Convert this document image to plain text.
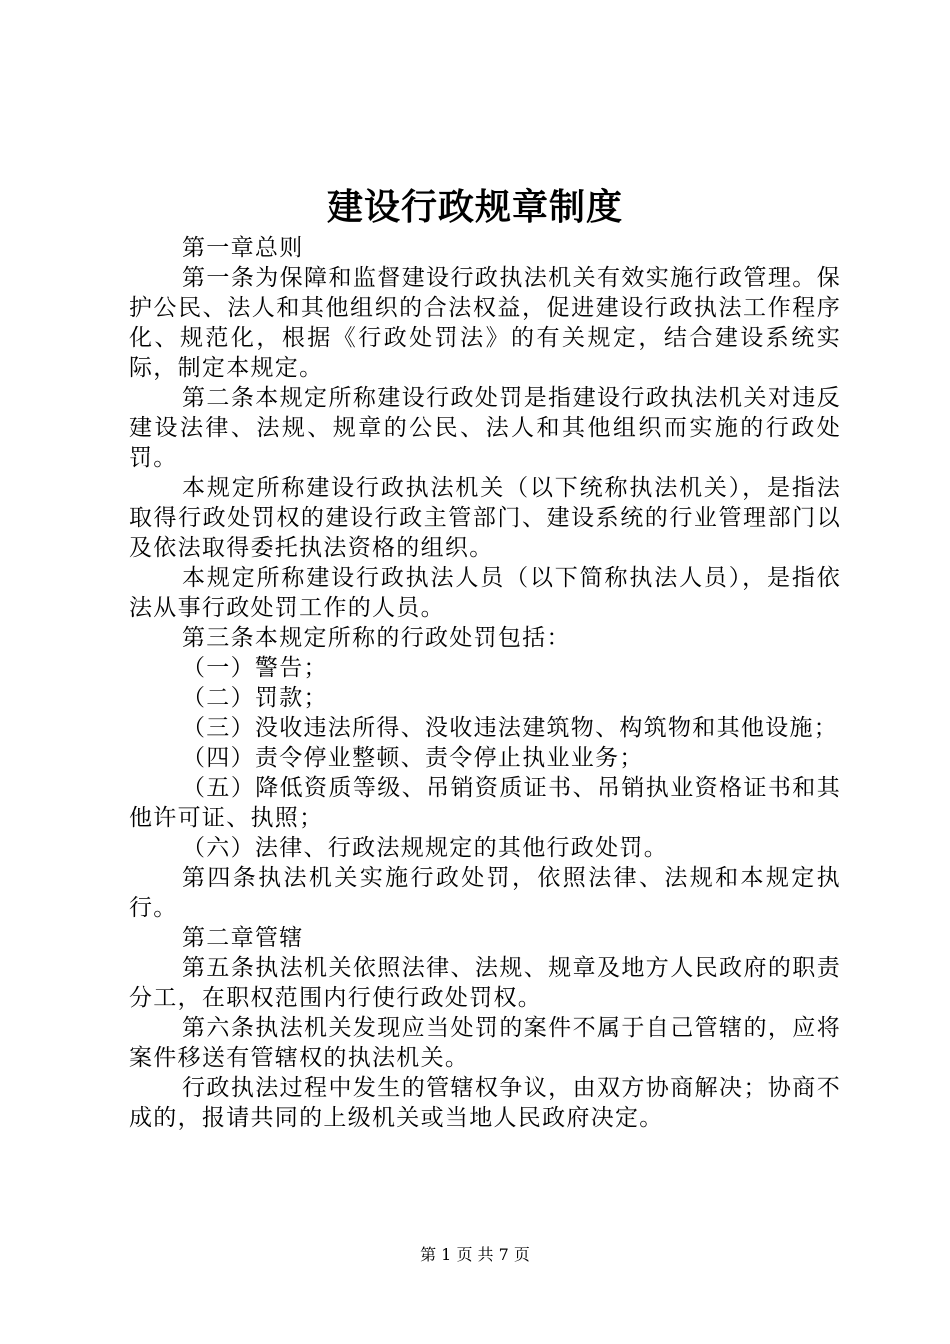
建设行政规章制度

第一章总则

第一条为保障和监督建设行政执法机关有效实施行政管理。保护公民、法人和其他组织的合法权益，促进建设行政执法工作程序化、规范化，根据《行政处罚法》的有关规定，结合建设系统实际，制定本规定。

第二条本规定所称建设行政处罚是指建设行政执法机关对违反建设法律、法规、规章的公民、法人和其他组织而实施的行政处罚。

本规定所称建设行政执法机关（以下统称执法机关），是指法取得行政处罚权的建设行政主管部门、建设系统的行业管理部门以及依法取得委托执法资格的组织。

本规定所称建设行政执法人员（以下简称执法人员），是指依法从事行政处罚工作的人员。

第三条本规定所称的行政处罚包括：

（一）警告；

（二）罚款；

（三）没收违法所得、没收违法建筑物、构筑物和其他设施；

（四）责令停业整顿、责令停止执业业务；

（五）降低资质等级、吊销资质证书、吊销执业资格证书和其他许可证、执照；

（六）法律、行政法规规定的其他行政处罚。

第四条执法机关实施行政处罚，依照法律、法规和本规定执行。

第二章管辖

第五条执法机关依照法律、法规、规章及地方人民政府的职责分工，在职权范围内行使行政处罚权。

第六条执法机关发现应当处罚的案件不属于自己管辖的，应将案件移送有管辖权的执法机关。

行政执法过程中发生的管辖权争议，由双方协商解决；协商不成的，报请共同的上级机关或当地人民政府决定。

第 1 页 共 7 页
